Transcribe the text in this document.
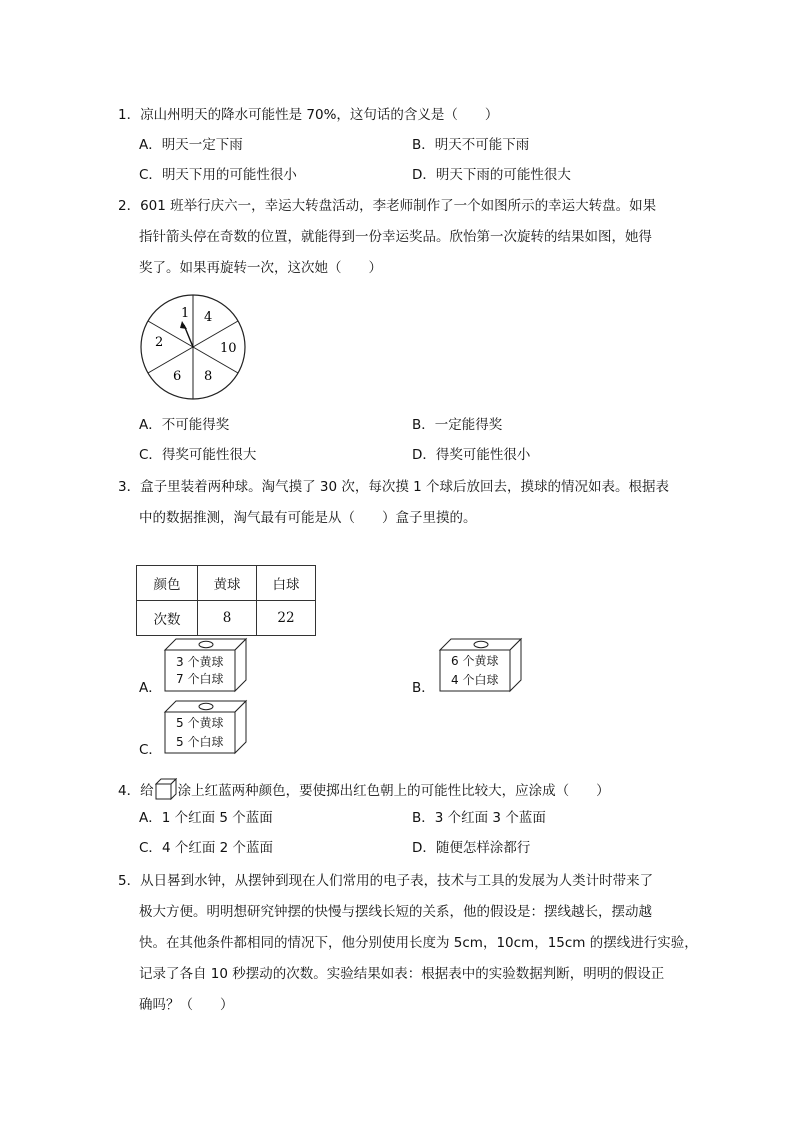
1．凉山州明天的降水可能性是 70%，这句话的含义是（　　）
A．明天一定下雨	B．明天不可能下雨
C．明天下用的可能性很小	D．明天下雨的可能性很大
2．601 班举行庆六一，幸运大转盘活动，李老师制作了一个如图所示的幸运大转盘。如果
指针箭头停在奇数的位置，就能得到一份幸运奖品。欣怡第一次旋转的结果如图，她得
奖了。如果再旋转一次，这次她（　　）
1 4
10
8
6
2
A．不可能得奖	B．一定能得奖
C．得奖可能性很大	D．得奖可能性很小
3．盒子里装着两种球。淘气摸了 30 次，每次摸 1 个球后放回去，摸球的情况如表。根据表
中的数据推测，淘气最有可能是从（　　）盒子里摸的。
颜色	黄球	白球
次数	8	22
A．
3 个黄球
7 个白球
B．
6 个黄球
4 个白球
C．
5 个黄球
5 个白球
4．给 涂上红蓝两种颜色，要使掷出红色朝上的可能性比较大，应涂成（　　）
A．1 个红面 5 个蓝面	B．3 个红面 3 个蓝面
C．4 个红面 2 个蓝面	D．随便怎样涂都行
5．从日晷到水钟，从摆钟到现在人们常用的电子表，技术与工具的发展为人类计时带来了
极大方便。明明想研究钟摆的快慢与摆线长短的关系，他的假设是：摆线越长，摆动越
快。在其他条件都相同的情况下，他分别使用长度为 5cm，10cm，15cm 的摆线进行实验，
记录了各自 10 秒摆动的次数。实验结果如表：根据表中的实验数据判断，明明的假设正
确吗？（　　）
